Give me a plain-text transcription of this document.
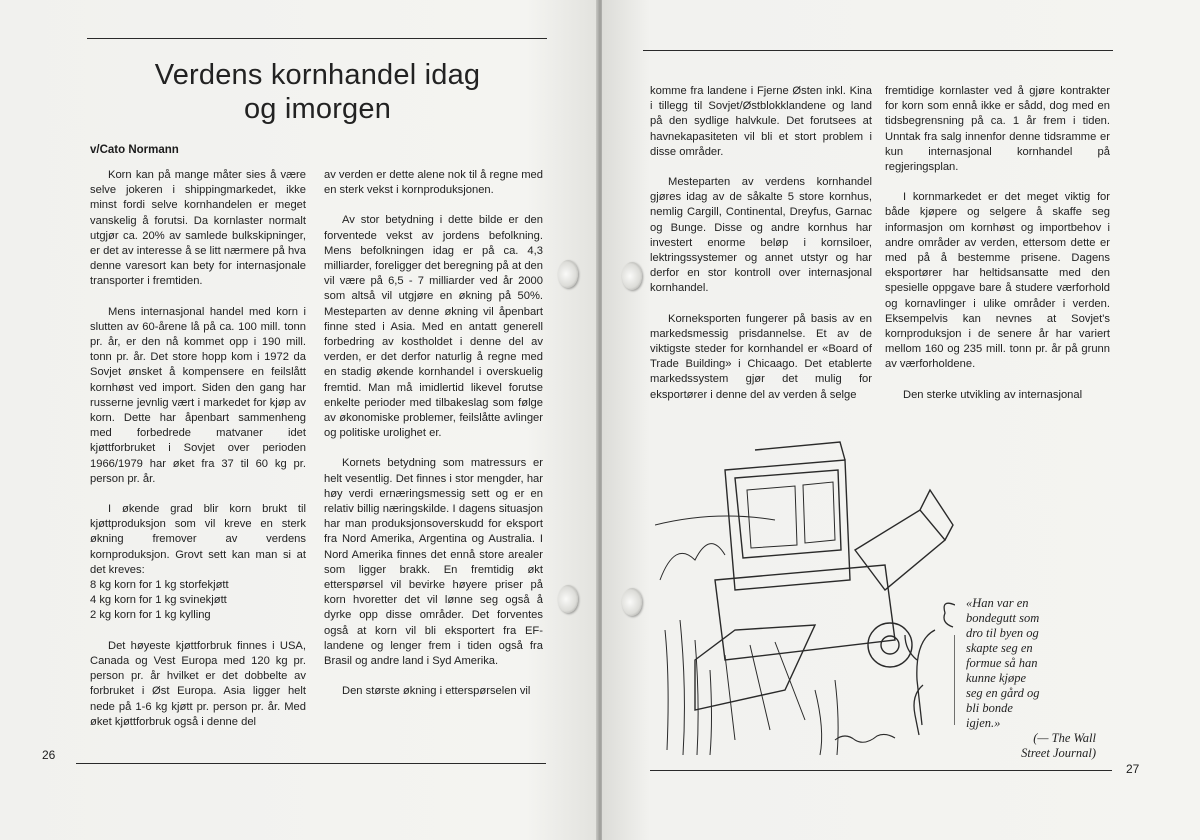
Verdens kornhandel idag
og imorgen
v/Cato Normann

Korn kan på mange måter sies å være selve jokeren i shippingmarkedet, ikke minst fordi selve kornhandelen er meget vanskelig å forutsi. Da kornlaster normalt utgjør ca. 20% av samlede bulkskipninger, er det av interesse å se litt nærmere på hva denne varesort kan bety for internasjonale transporter i fremtiden.

Mens internasjonal handel med korn i slutten av 60-årene lå på ca. 100 mill. tonn pr. år, er den nå kommet opp i 190 mill. tonn pr. år. Det store hopp kom i 1972 da Sovjet ønsket å kompensere en feilslått kornhøst ved import. Siden den gang har russerne jevnlig vært i markedet for kjøp av korn. Dette har åpenbart sammenheng med forbedrede matvaner idet kjøttforbruket i Sovjet over perioden 1966/1979 har øket fra 37 til 60 kg pr. person pr. år.

I økende grad blir korn brukt til kjøttproduksjon som vil kreve en sterk økning fremover av verdens kornproduksjon. Grovt sett kan man si at det kreves:

8 kg korn for 1 kg storfekjøtt
4 kg korn for 1 kg svinekjøtt
2 kg korn for 1 kg kylling

Det høyeste kjøttforbruk finnes i USA, Canada og Vest Europa med 120 kg pr. person pr. år hvilket er det dobbelte av forbruket i Øst Europa. Asia ligger helt nede på 1-6 kg kjøtt pr. person pr. år. Med øket kjøttforbruk også i denne del

av verden er dette alene nok til å regne med en sterk vekst i kornproduksjonen.

Av stor betydning i dette bilde er den forventede vekst av jordens befolkning. Mens befolkningen idag er på ca. 4,3 milliarder, foreligger det beregning på at den vil være på 6,5 - 7 milliarder ved år 2000 som altså vil utgjøre en økning på 50%. Mesteparten av denne økning vil åpenbart finne sted i Asia. Med en antatt generell forbedring av kostholdet i denne del av verden, er det derfor naturlig å regne med en stadig økende kornhandel i overskuelig fremtid. Man må imidlertid likevel forutse enkelte perioder med tilbakeslag som følge av økonomiske problemer, feilslåtte avlinger og politiske urolighet er.

Kornets betydning som matressurs er helt vesentlig. Det finnes i stor mengder, har høy verdi ernæringsmessig sett og er en relativ billig næringskilde. I dagens situasjon har man produksjonsoverskudd for eksport fra Nord Amerika, Argentina og Australia. I Nord Amerika finnes det ennå store arealer som ligger brakk. En fremtidig økt etterspørsel vil bevirke høyere priser på korn hvoretter det vil lønne seg også å dyrke opp disse områder. Det forventes også at korn vil bli eksportert fra EF-landene og lenger frem i tiden også fra Brasil og andre land i Syd Amerika.

Den største økning i etterspørselen vil

26

komme fra landene i Fjerne Østen inkl. Kina i tillegg til Sovjet/Østblokklandene og land på den sydlige halvkule. Det forutsees at havnekapasiteten vil bli et stort problem i disse områder.

Mesteparten av verdens kornhandel gjøres idag av de såkalte 5 store kornhus, nemlig Cargill, Continental, Dreyfus, Garnac og Bunge. Disse og andre kornhus har investert enorme beløp i kornsiloer, lektringssystemer og annet utstyr og har derfor en stor kontroll over internasjonal kornhandel.

Korneksporten fungerer på basis av en markedsmessig prisdannelse. Et av de viktigste steder for kornhandel er «Board of Trade Building» i Chicaago. Det etablerte markedssystem gjør det mulig for eksportører i denne del av verden å selge

fremtidige kornlaster ved å gjøre kontrakter for korn som ennå ikke er sådd, dog med en tidsbegrensning på ca. 1 år frem i tiden. Unntak fra salg innenfor denne tidsramme er kun internasjonal kornhandel på regjeringsplan.

I kornmarkedet er det meget viktig for både kjøpere og selgere å skaffe seg informasjon om kornhøst og importbehov i andre områder av verden, ettersom dette er med på å bestemme prisene. Dagens eksportører har heltidsansatte med den spesielle oppgave bare å studere værforhold og kornavlinger i ulike områder i verden. Eksempelvis kan nevnes at Sovjet's kornproduksjon i de senere år har variert mellom 160 og 235 mill. tonn pr. år på grunn av værforholdene.

Den sterke utvikling av internasjonal

«Han var en
bondegutt som
dro til byen og
skapte seg en
formue så han
kunne kjøpe
seg en gård og
bli bonde
igjen.»
(— The Wall
Street Journal)
27
